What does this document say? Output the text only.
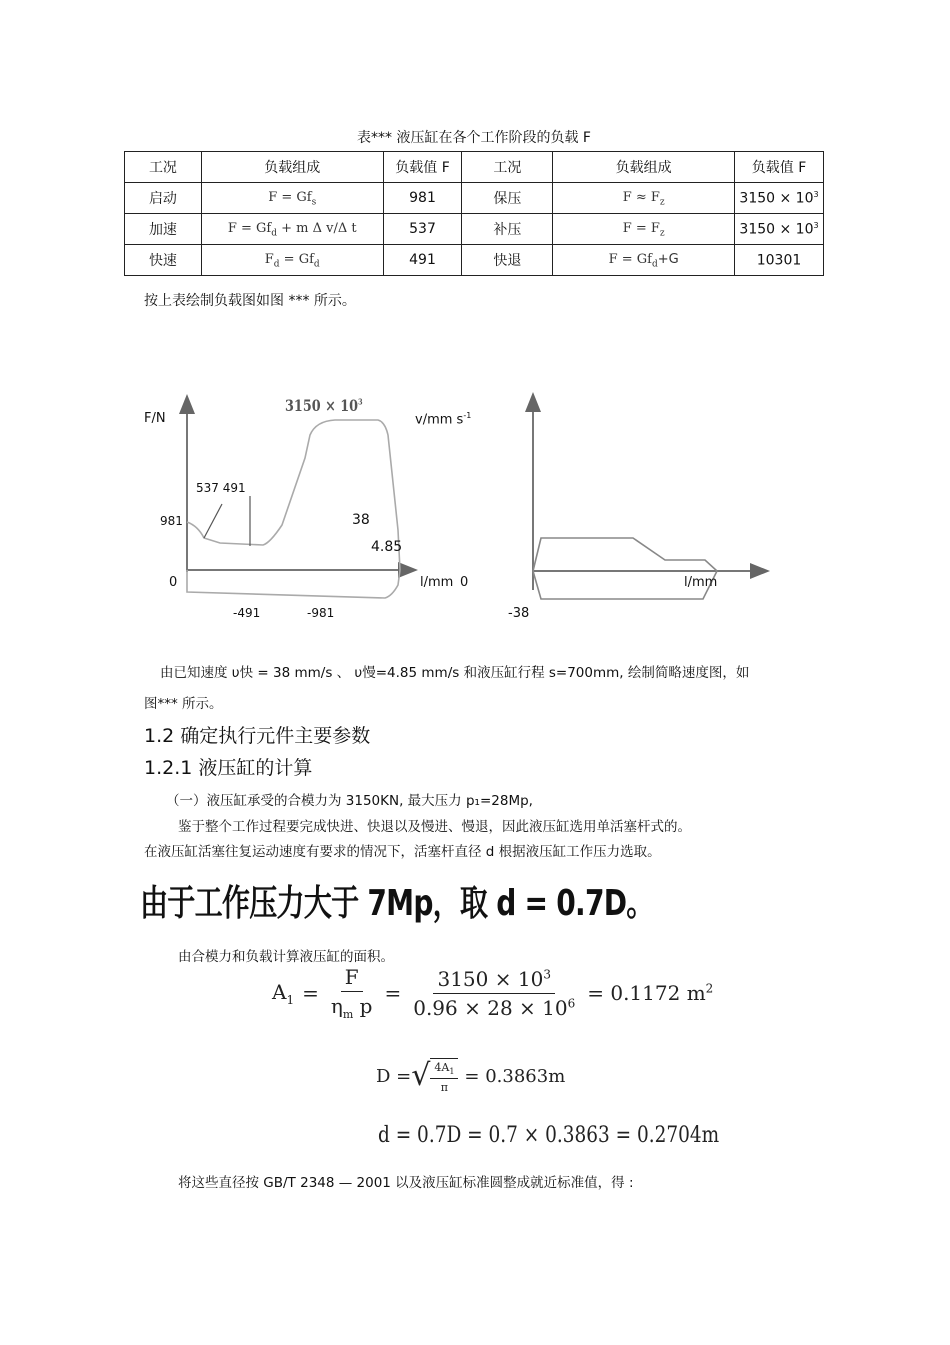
表*** 液压缸在各个工作阶段的负载 F
工况	负载组成	负载值 F	工况	负载组成	负载值 F
启动	$F = Gf_s$	981	保压	$F \approx F_z$	$3150 \times 10^3$
加速	$F = Gf_d + m$ Δ v/Δ t	537	补压	$F = F_z$	$3150 \times 10^3$
快速	$F_d = Gf_d$	491	快退	$F = Gf_d+G$	10301
按上表绘制负载图如图 *** 所示。
F/N
$3150 \times 10^3$
537 491
981
0	l/mm
-491	-981
v/mm $s^{-1}$
38
4.85
0	l/mm
-38
由已知速度 υ快 = 38 mm/s 、 υ慢=4.85 mm/s 和液压缸行程 s=700mm, 绘制简略速度图，如
图*** 所示。
1.2 确定执行元件主要参数
1.2.1 液压缸的计算
（一）液压缸承受的合模力为 3150KN, 最大压力 p₁=28Mp,
鉴于整个工作过程要完成快进、快退以及慢进、慢退，因此液压缸选用单活塞杆式的。
在液压缸活塞往复运动速度有要求的情况下，活塞杆直径 d 根据液压缸工作压力选取。
由于工作压力大于 7Mp，取 d = 0.7D。
由合模力和负载计算液压缸的面积。
$A_1 = \frac{F}{\eta_m p} = \frac{3150 \times 10^3}{0.96 \times 28 \times 10^6} = 0.1172$ $m^2$
D = √ $\frac{4A_1}{\pi} = 0.3863m$
d = 0.7D = 0.7 × 0.3863 = 0.2704m
将这些直径按 GB/T 2348 — 2001 以及液压缸标准圆整成就近标准值，得 :
